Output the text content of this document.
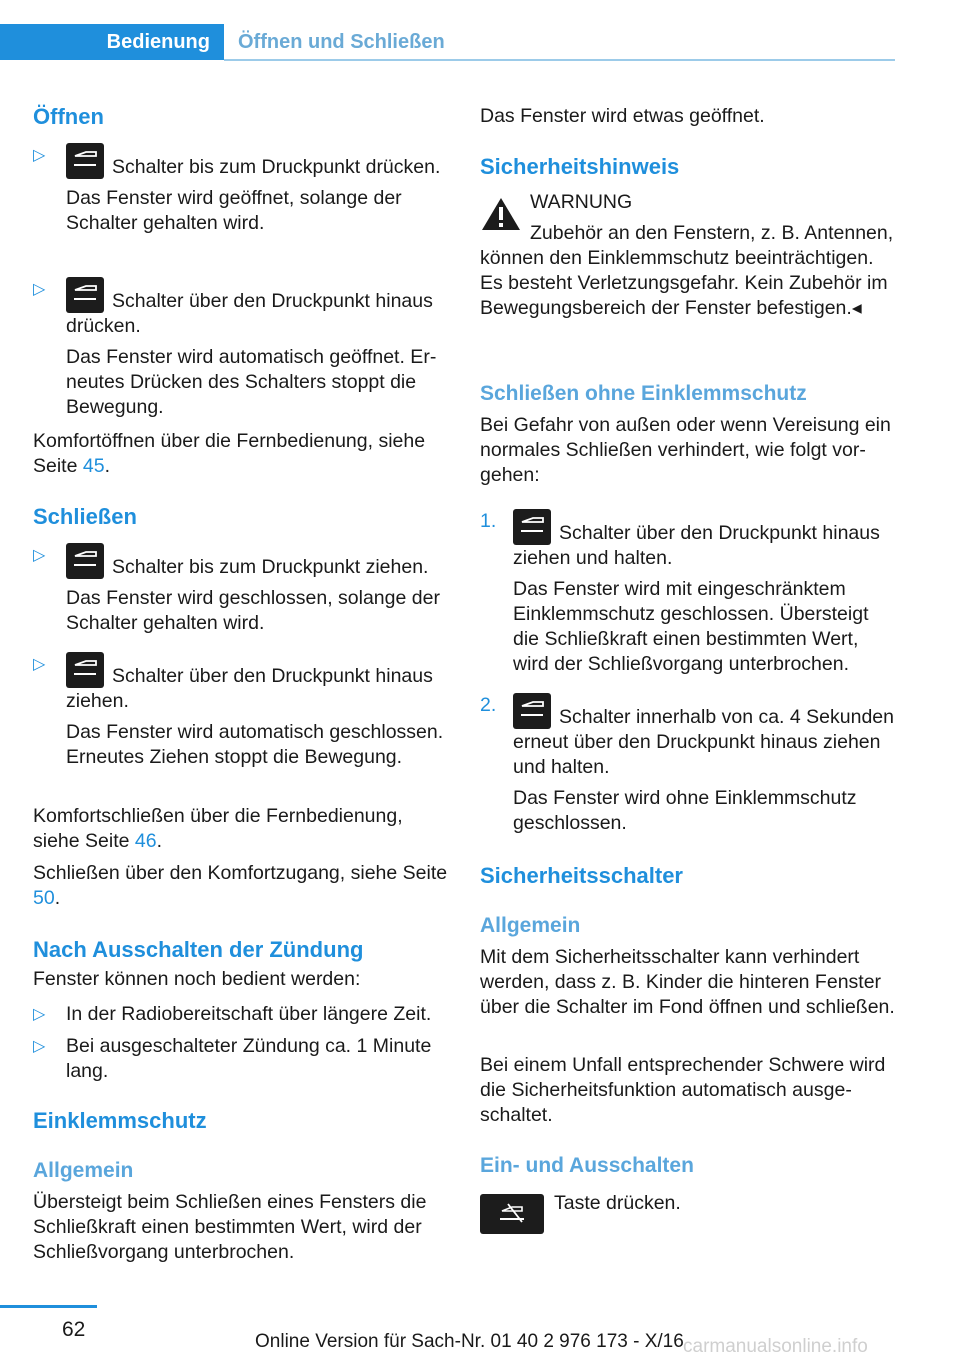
Bedienung	Öffnen und Schließen
Öffnen
▷
Schalter bis zum Druckpunkt drücken.

Das Fenster wird geöffnet, solange der Schalter gehalten wird.

▷
Schalter über den Druckpunkt hinaus drücken.

Das Fenster wird automatisch geöffnet. Erneutes Drücken des Schalters stoppt die Bewegung.

Komfortöffnen über die Fernbedienung, siehe Seite 45.

Schließen
▷
Schalter bis zum Druckpunkt ziehen.

Das Fenster wird geschlossen, solange der Schalter gehalten wird.

▷
Schalter über den Druckpunkt hinaus ziehen.

Das Fenster wird automatisch geschlossen. Erneutes Ziehen stoppt die Bewegung.

Komfortschließen über die Fernbedienung, siehe Seite 46.

Schließen über den Komfortzugang, siehe Seite 50.

Nach Ausschalten der Zündung

Fenster können noch bedient werden:

▷ In der Radiobereitschaft über längere Zeit.
▷ Bei ausgeschalteter Zündung ca. 1 Minute lang.
Einklemmschutz
Allgemein

Übersteigt beim Schließen eines Fensters die Schließkraft einen bestimmten Wert, wird der Schließvorgang unterbrochen.

Das Fenster wird etwas geöffnet.

Sicherheitshinweis

WARNUNG

Zubehör an den Fenstern, z. B. Antennen, können den Einklemmschutz beeinträchtigen. Es besteht Verletzungsgefahr. Kein Zubehör im Bewegungsbereich der Fenster befestigen.◂

Schließen ohne Einklemmschutz

Bei Gefahr von außen oder wenn Vereisung ein normales Schließen verhindert, wie folgt vorgehen:

1.
Schalter über den Druckpunkt hinaus ziehen und halten.

Das Fenster wird mit eingeschränktem Einklemmschutz geschlossen. Übersteigt die Schließkraft einen bestimmten Wert, wird der Schließvorgang unterbrochen.

2.
Schalter innerhalb von ca. 4 Sekunden erneut über den Druckpunkt hinaus ziehen und halten.

Das Fenster wird ohne Einklemmschutz geschlossen.

Sicherheitsschalter
Allgemein

Mit dem Sicherheitsschalter kann verhindert werden, dass z. B. Kinder die hinteren Fenster über die Schalter im Fond öffnen und schließen.

Bei einem Unfall entsprechender Schwere wird die Sicherheitsfunktion automatisch ausgeschaltet.

Ein- und Ausschalten

Taste drücken.

62
Online Version für Sach-Nr. 01 40 2 976 173 - X/16 carmanualsonline.info
